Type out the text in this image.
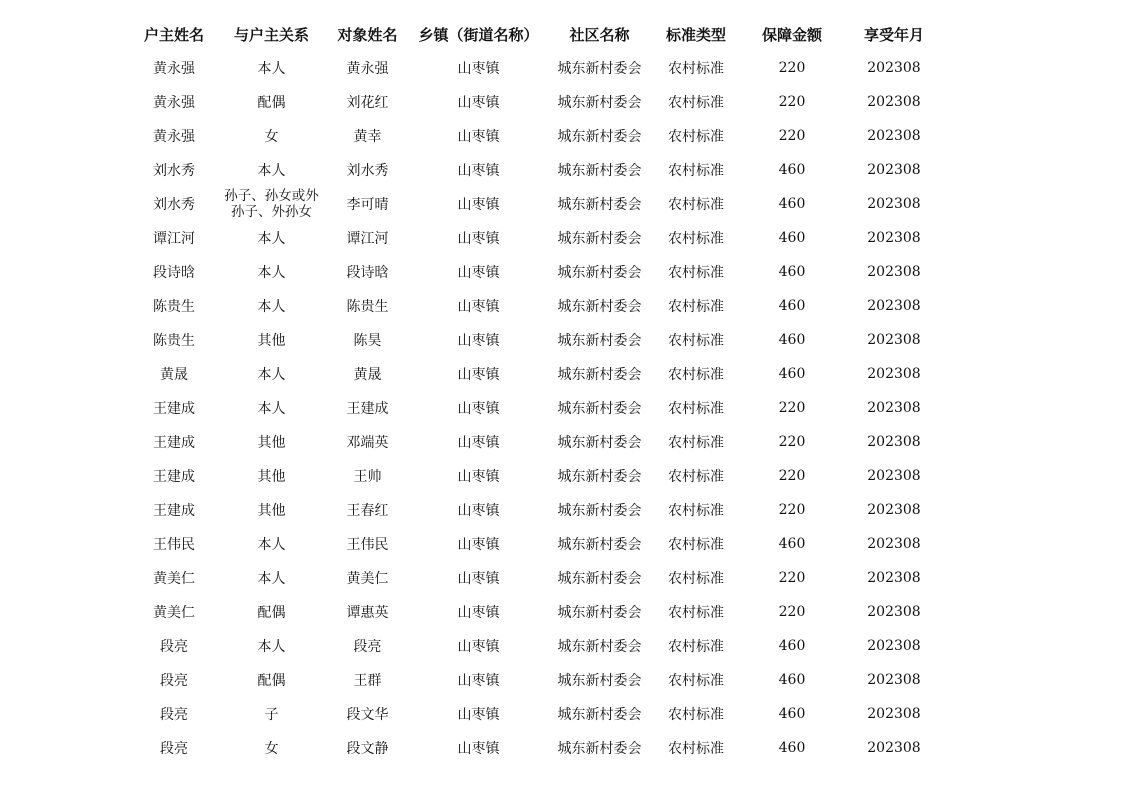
	户主姓名	与户主关系	对象姓名	乡镇（街道名称）	社区名称	标准类型	保障金额	享受年月
	黄永强	本人	黄永强	山枣镇	城东新村委会	农村标准	220	202308
	黄永强	配偶	刘花红	山枣镇	城东新村委会	农村标准	220	202308
	黄永强	女	黄幸	山枣镇	城东新村委会	农村标准	220	202308
	刘水秀	本人	刘水秀	山枣镇	城东新村委会	农村标准	460	202308
	刘水秀	孙子、孙女或外孙子、外孙女	李可晴	山枣镇	城东新村委会	农村标准	460	202308
	谭江河	本人	谭江河	山枣镇	城东新村委会	农村标准	460	202308
	段诗晗	本人	段诗晗	山枣镇	城东新村委会	农村标准	460	202308
	陈贵生	本人	陈贵生	山枣镇	城东新村委会	农村标准	460	202308
	陈贵生	其他	陈昊	山枣镇	城东新村委会	农村标准	460	202308
	黄晟	本人	黄晟	山枣镇	城东新村委会	农村标准	460	202308
	王建成	本人	王建成	山枣镇	城东新村委会	农村标准	220	202308
	王建成	其他	邓端英	山枣镇	城东新村委会	农村标准	220	202308
	王建成	其他	王帅	山枣镇	城东新村委会	农村标准	220	202308
	王建成	其他	王春红	山枣镇	城东新村委会	农村标准	220	202308
	王伟民	本人	王伟民	山枣镇	城东新村委会	农村标准	460	202308
	黄美仁	本人	黄美仁	山枣镇	城东新村委会	农村标准	220	202308
	黄美仁	配偶	谭惠英	山枣镇	城东新村委会	农村标准	220	202308
	段亮	本人	段亮	山枣镇	城东新村委会	农村标准	460	202308
	段亮	配偶	王群	山枣镇	城东新村委会	农村标准	460	202308
	段亮	子	段文华	山枣镇	城东新村委会	农村标准	460	202308
	段亮	女	段文静	山枣镇	城东新村委会	农村标准	460	202308
